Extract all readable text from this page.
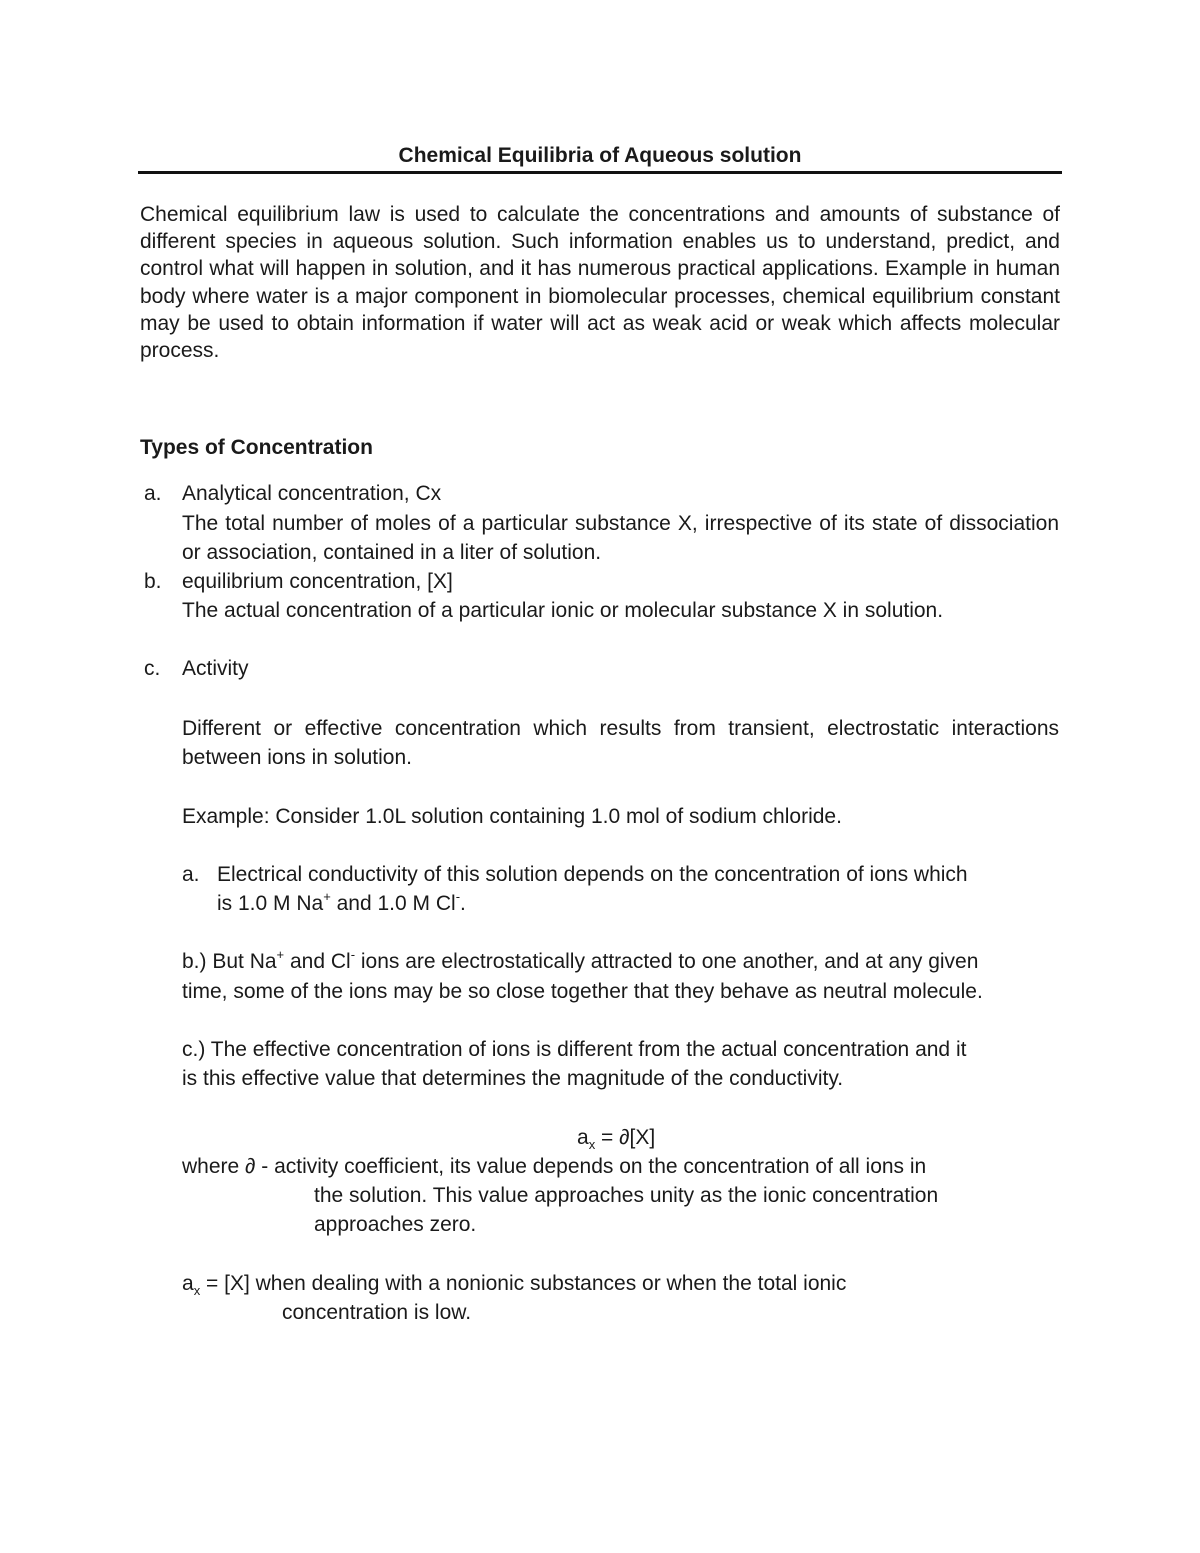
Chemical Equilibria of Aqueous solution

Chemical equilibrium law is used to calculate the concentrations and amounts of substance of different species in aqueous solution. Such information enables us to understand, predict, and control what will happen in solution, and it has numerous practical applications. Example in human body where water is a major component in biomolecular processes, chemical equilibrium constant may be used to obtain information if water will act as weak acid or weak which affects molecular process.

Types of Concentration

a. Analytical concentration, Cx

The total number of moles of a particular substance X, irrespective of its state of dissociation or association, contained in a liter of solution.

b. equilibrium concentration, [X]

The actual concentration of a particular ionic or molecular substance X in solution.

c. Activity

Different or effective concentration which results from transient, electrostatic interactions between ions in solution.

Example: Consider 1.0L solution containing 1.0 mol of sodium chloride.

a. Electrical conductivity of this solution depends on the concentration of ions which

is 1.0 M Na+ and 1.0 M Cl-.

b.) But Na+ and Cl- ions are electrostatically attracted to one another, and at any given

time, some of the ions may be so close together that they behave as neutral molecule.

c.) The effective concentration of ions is different from the actual concentration and it

is this effective value that determines the magnitude of the conductivity.

$a_x = \partial[X]$

where ∂ - activity coefficient, its value depends on the concentration of all ions in

the solution. This value approaches unity as the ionic concentration

approaches zero.

$a_x = [X]$ when dealing with a nonionic substances or when the total ionic

concentration is low.
